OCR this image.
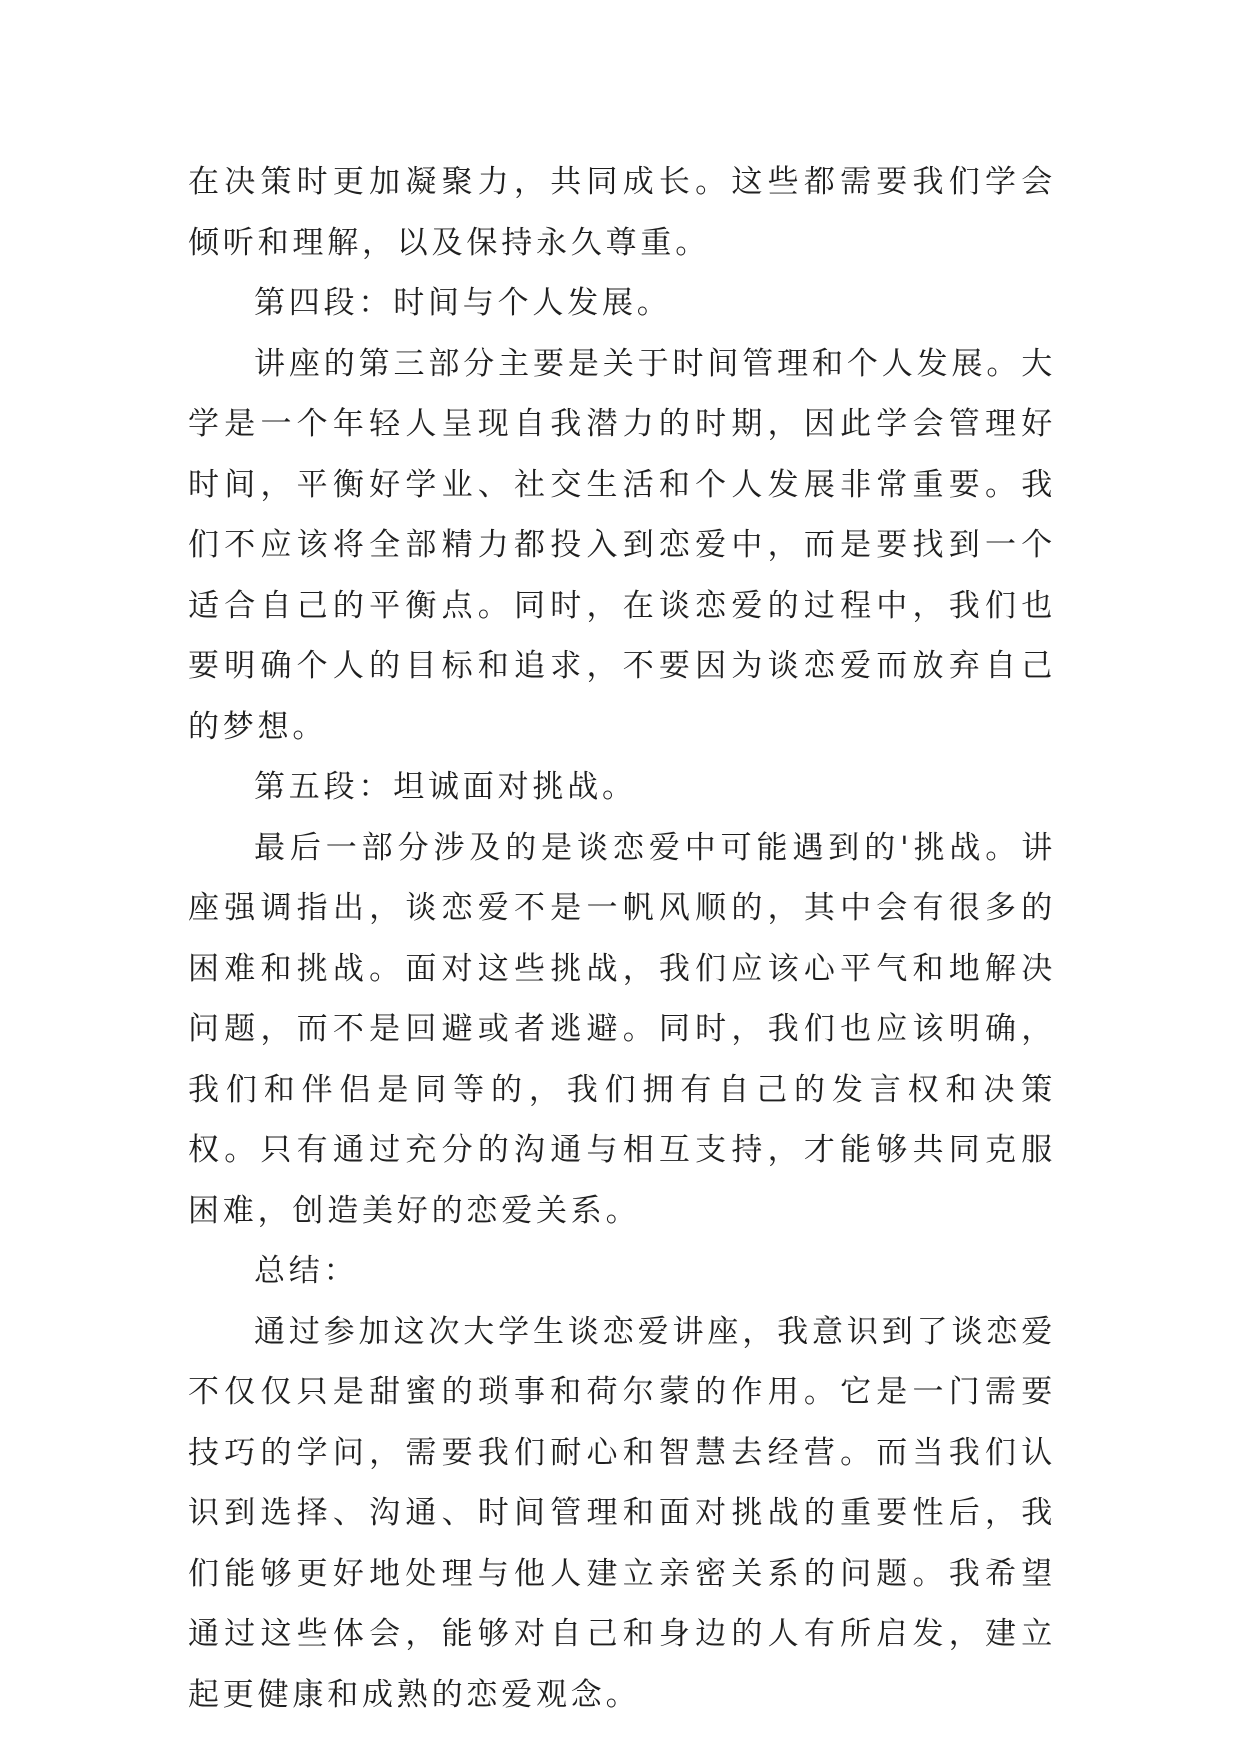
在决策时更加凝聚力，共同成长。这些都需要我们学会倾听和理解，以及保持永久尊重。

第四段：时间与个人发展。

讲座的第三部分主要是关于时间管理和个人发展。大学是一个年轻人呈现自我潜力的时期，因此学会管理好时间，平衡好学业、社交生活和个人发展非常重要。我们不应该将全部精力都投入到恋爱中，而是要找到一个适合自己的平衡点。同时，在谈恋爱的过程中，我们也要明确个人的目标和追求，不要因为谈恋爱而放弃自己的梦想。

第五段：坦诚面对挑战。

最后一部分涉及的是谈恋爱中可能遇到的'挑战。讲座强调指出，谈恋爱不是一帆风顺的，其中会有很多的困难和挑战。面对这些挑战，我们应该心平气和地解决问题，而不是回避或者逃避。同时，我们也应该明确，我们和伴侣是同等的，我们拥有自己的发言权和决策权。只有通过充分的沟通与相互支持，才能够共同克服困难，创造美好的恋爱关系。

总结：

通过参加这次大学生谈恋爱讲座，我意识到了谈恋爱不仅仅只是甜蜜的琐事和荷尔蒙的作用。它是一门需要技巧的学问，需要我们耐心和智慧去经营。而当我们认识到选择、沟通、时间管理和面对挑战的重要性后，我们能够更好地处理与他人建立亲密关系的问题。我希望通过这些体会，能够对自己和身边的人有所启发，建立起更健康和成熟的恋爱观念。
